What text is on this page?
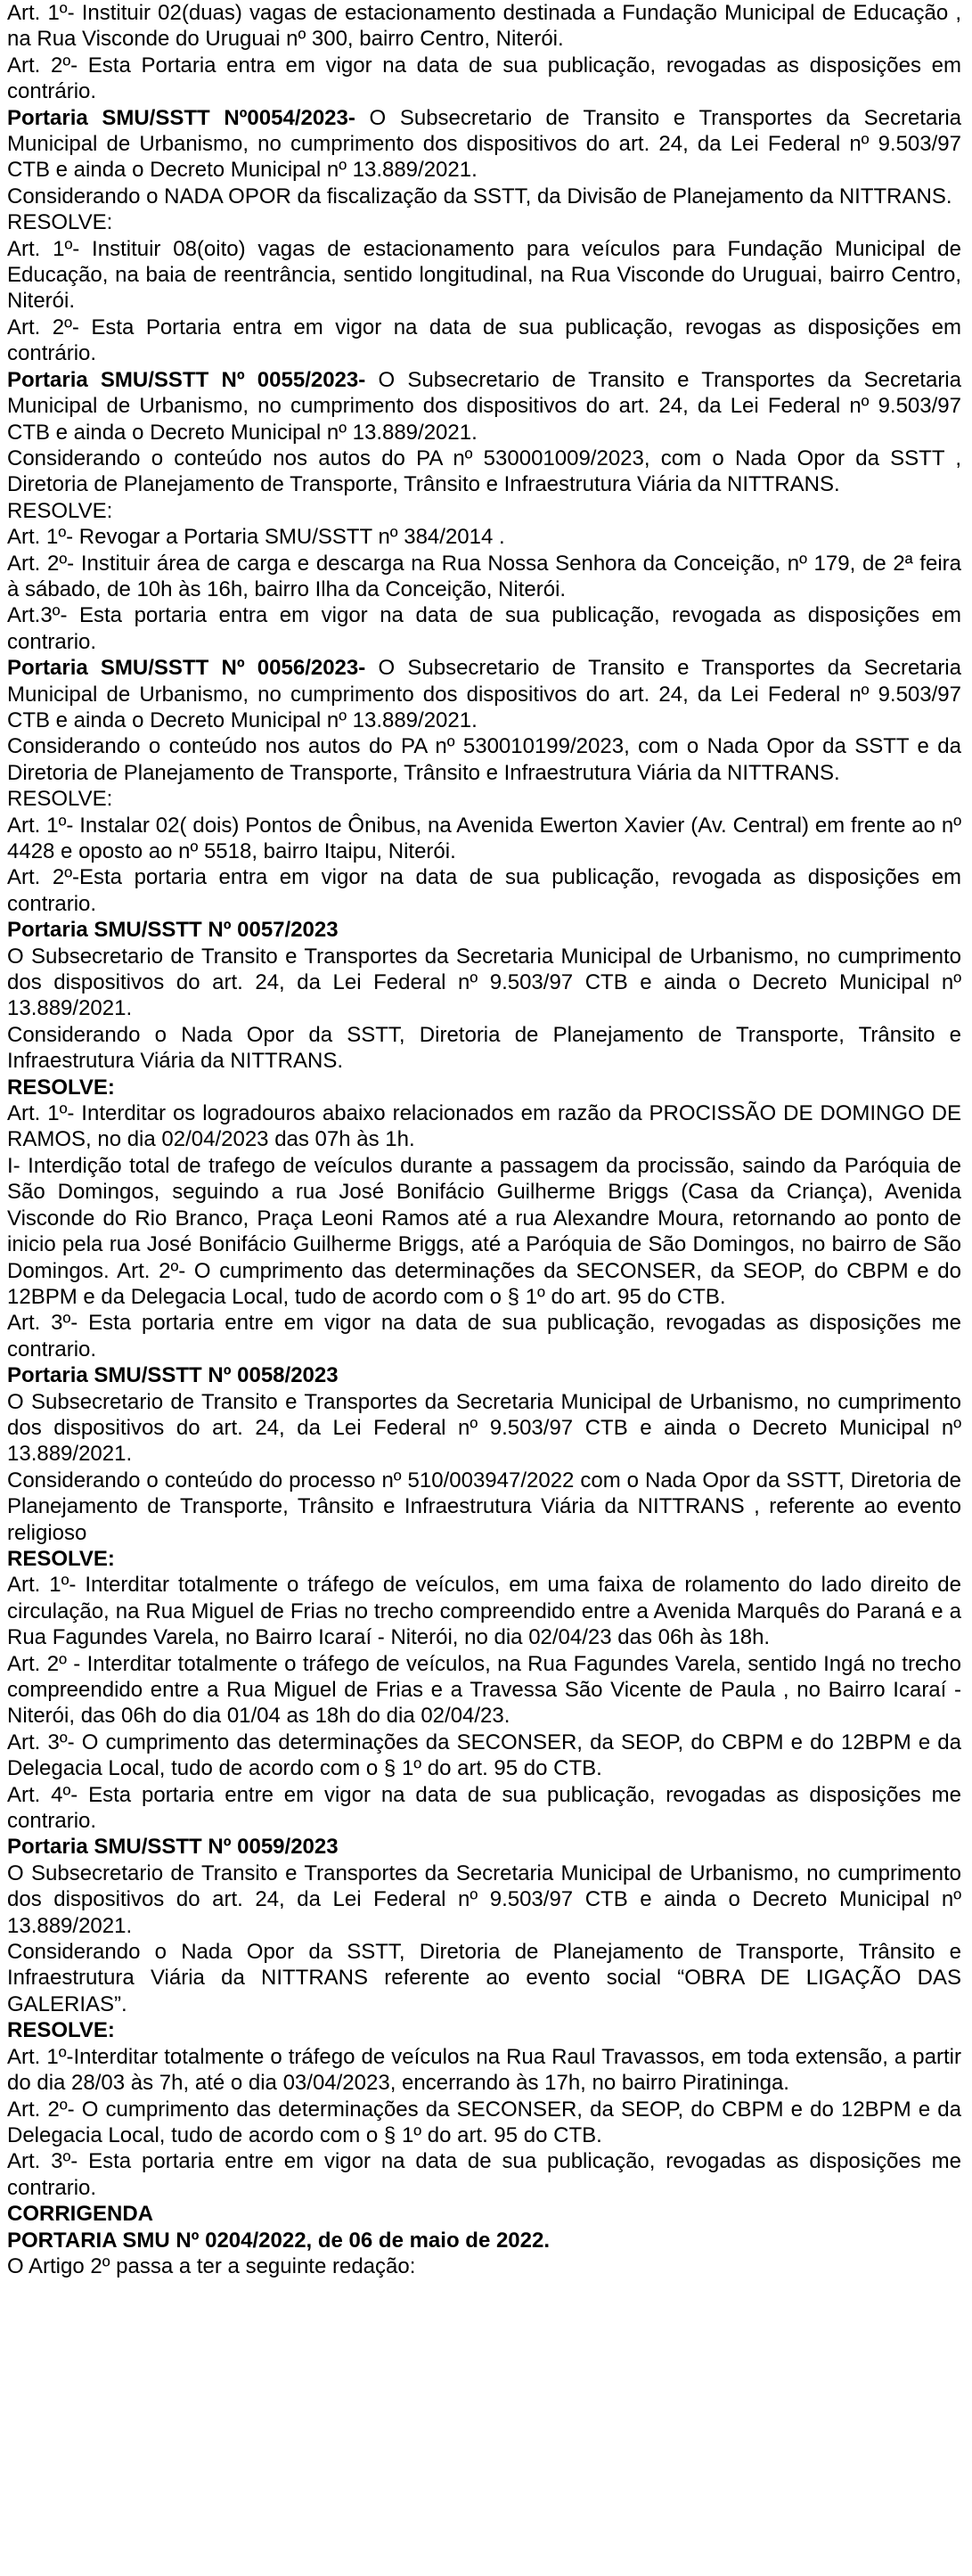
Art. 1º- Instituir 02(duas) vagas de estacionamento destinada a Fundação Municipal de Educação , na Rua Visconde do Uruguai nº 300, bairro Centro, Niterói.

Art. 2º- Esta Portaria entra em vigor na data de sua publicação, revogadas as disposições em contrário.

Portaria SMU/SSTT Nº0054/2023- O Subsecretario de Transito e Transportes da Secretaria Municipal de Urbanismo, no cumprimento dos dispositivos do art. 24, da Lei Federal nº 9.503/97 CTB e ainda o Decreto Municipal nº 13.889/2021.

Considerando o NADA OPOR da fiscalização da SSTT, da Divisão de Planejamento da NITTRANS.

RESOLVE:

Art. 1º- Instituir 08(oito) vagas de estacionamento para veículos para Fundação Municipal de Educação, na baia de reentrância, sentido longitudinal, na Rua Visconde do Uruguai, bairro Centro, Niterói.

Art. 2º- Esta Portaria entra em vigor na data de sua publicação, revogas as disposições em contrário.

Portaria SMU/SSTT Nº 0055/2023- O Subsecretario de Transito e Transportes da Secretaria Municipal de Urbanismo, no cumprimento dos dispositivos do art. 24, da Lei Federal nº 9.503/97 CTB e ainda o Decreto Municipal nº 13.889/2021.

Considerando o conteúdo nos autos do PA nº 530001009/2023, com o Nada Opor da SSTT , Diretoria de Planejamento de Transporte, Trânsito e Infraestrutura Viária da NITTRANS.

RESOLVE:

Art. 1º- Revogar a Portaria SMU/SSTT nº 384/2014 .

Art. 2º- Instituir área de carga e descarga na Rua Nossa Senhora da Conceição, nº 179, de 2ª feira à sábado, de 10h às 16h, bairro Ilha da Conceição, Niterói.

Art.3º- Esta portaria entra em vigor na data de sua publicação, revogada as disposições em contrario.

Portaria SMU/SSTT Nº 0056/2023- O Subsecretario de Transito e Transportes da Secretaria Municipal de Urbanismo, no cumprimento dos dispositivos do art. 24, da Lei Federal nº 9.503/97 CTB e ainda o Decreto Municipal nº 13.889/2021.

Considerando o conteúdo nos autos do PA nº 530010199/2023, com o Nada Opor da SSTT e da Diretoria de Planejamento de Transporte, Trânsito e Infraestrutura Viária da NITTRANS.

RESOLVE:

Art. 1º- Instalar 02( dois) Pontos de Ônibus, na Avenida Ewerton Xavier (Av. Central) em frente ao nº 4428 e oposto ao nº 5518, bairro Itaipu, Niterói.

Art. 2º-Esta portaria entra em vigor na data de sua publicação, revogada as disposições em contrario.

Portaria SMU/SSTT Nº 0057/2023

O Subsecretario de Transito e Transportes da Secretaria Municipal de Urbanismo, no cumprimento dos dispositivos do art. 24, da Lei Federal nº 9.503/97 CTB e ainda o Decreto Municipal nº 13.889/2021.

Considerando o Nada Opor da SSTT, Diretoria de Planejamento de Transporte, Trânsito e Infraestrutura Viária da NITTRANS.

RESOLVE:

Art. 1º- Interditar os logradouros abaixo relacionados em razão da PROCISSÃO DE DOMINGO DE RAMOS, no dia 02/04/2023 das 07h às 1h.

I- Interdição total de trafego de veículos durante a passagem da procissão, saindo da Paróquia de São Domingos, seguindo a rua José Bonifácio Guilherme Briggs (Casa da Criança), Avenida Visconde do Rio Branco, Praça Leoni Ramos até a rua Alexandre Moura, retornando ao ponto de inicio pela rua José Bonifácio Guilherme Briggs, até a Paróquia de São Domingos, no bairro de São Domingos. Art. 2º- O cumprimento das determinações da SECONSER, da SEOP, do CBPM e do 12BPM e da Delegacia Local, tudo de acordo com o § 1º do art. 95 do CTB.

Art. 3º- Esta portaria entre em vigor na data de sua publicação, revogadas as disposições me contrario.

Portaria SMU/SSTT Nº 0058/2023

O Subsecretario de Transito e Transportes da Secretaria Municipal de Urbanismo, no cumprimento dos dispositivos do art. 24, da Lei Federal nº 9.503/97 CTB e ainda o Decreto Municipal nº 13.889/2021.

Considerando o conteúdo do processo nº 510/003947/2022 com o Nada Opor da SSTT, Diretoria de Planejamento de Transporte, Trânsito e Infraestrutura Viária da NITTRANS , referente ao evento religioso

RESOLVE:

Art. 1º- Interditar totalmente o tráfego de veículos, em uma faixa de rolamento do lado direito de circulação, na Rua Miguel de Frias no trecho compreendido entre a Avenida Marquês do Paraná e a Rua Fagundes Varela, no Bairro Icaraí - Niterói, no dia 02/04/23 das 06h às 18h.

Art. 2º - Interditar totalmente o tráfego de veículos, na Rua Fagundes Varela, sentido Ingá no trecho compreendido entre a Rua Miguel de Frias e a Travessa São Vicente de Paula , no Bairro Icaraí - Niterói, das 06h do dia 01/04 as 18h do dia 02/04/23.

Art. 3º- O cumprimento das determinações da SECONSER, da SEOP, do CBPM e do 12BPM e da Delegacia Local, tudo de acordo com o § 1º do art. 95 do CTB.

Art. 4º- Esta portaria entre em vigor na data de sua publicação, revogadas as disposições me contrario.

Portaria SMU/SSTT Nº 0059/2023

O Subsecretario de Transito e Transportes da Secretaria Municipal de Urbanismo, no cumprimento dos dispositivos do art. 24, da Lei Federal nº 9.503/97 CTB e ainda o Decreto Municipal nº 13.889/2021.

Considerando o Nada Opor da SSTT, Diretoria de Planejamento de Transporte, Trânsito e Infraestrutura Viária da NITTRANS referente ao evento social “OBRA DE LIGAÇÃO DAS GALERIAS”.

RESOLVE:

Art. 1º-Interditar totalmente o tráfego de veículos na Rua Raul Travassos, em toda extensão, a partir do dia 28/03 às 7h, até o dia 03/04/2023, encerrando às 17h, no bairro Piratininga.

Art. 2º- O cumprimento das determinações da SECONSER, da SEOP, do CBPM e do 12BPM e da Delegacia Local, tudo de acordo com o § 1º do art. 95 do CTB.

Art. 3º- Esta portaria entre em vigor na data de sua publicação, revogadas as disposições me contrario.

CORRIGENDA

PORTARIA SMU Nº 0204/2022, de 06 de maio de 2022.

O Artigo 2º passa a ter a seguinte redação:
